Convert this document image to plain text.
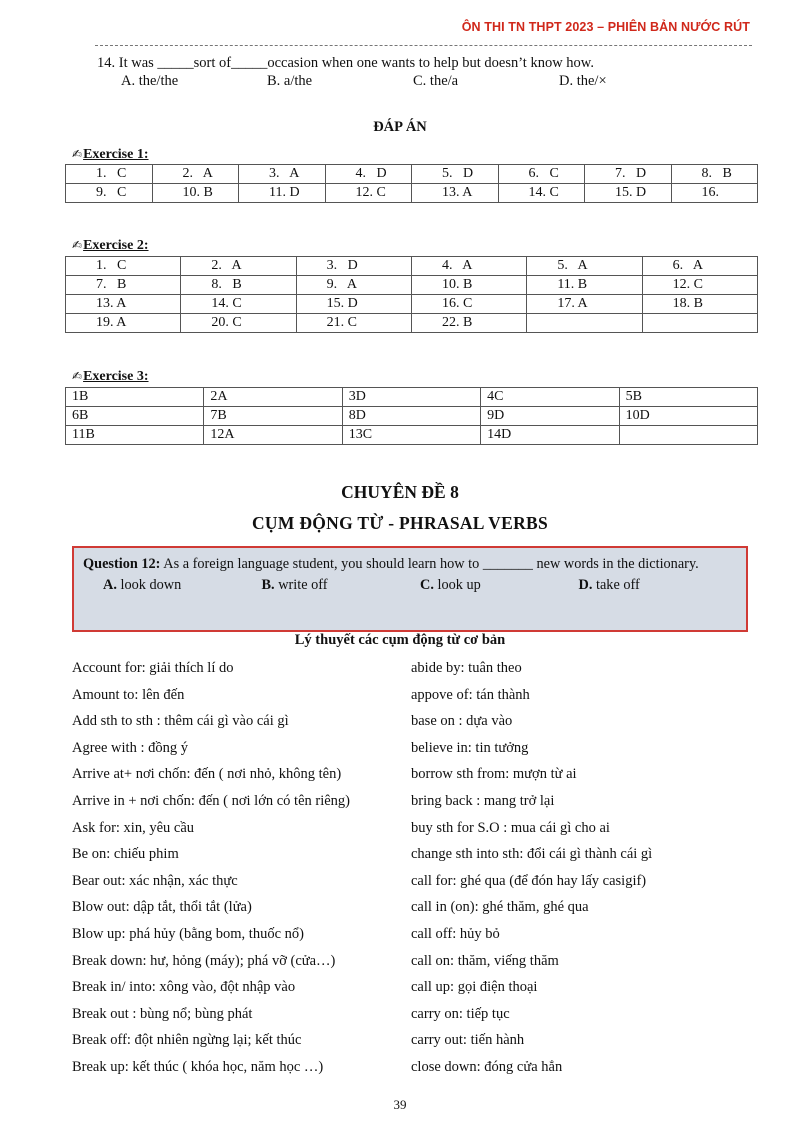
ÔN THI TN THPT 2023 – PHIÊN BẢN NƯỚC RÚT
14. It was _____sort of_____occasion when one wants to help but doesn’t know how.
A. the/the	B. a/the	C. the/a	D. the/×
ĐÁP ÁN
✍Exercise 1:
1.   C	2.   A	3.   A	4.   D	5.   D	6.   C	7.   D	8.   B
9.   C	10. B	11. D	12. C	13. A	14. C	15. D	16.
✍Exercise 2:
1.   C	2.   A	3.   D	4.   A	5.   A	6.   A
7.   B	8.   B	9.   A	10. B	11. B	12. C
13. A	14. C	15. D	16. C	17. A	18. B
19. A	20. C	21. C	22. B		
✍Exercise 3:
1B	2A	3D	4C	5B
6B	7B	8D	9D	10D
11B	12A	13C	14D	
CHUYÊN ĐỀ 8
CỤM ĐỘNG TỪ - PHRASAL VERBS
Question 12: As a foreign language student, you should learn how to _______ new words in the dictionary.
A. look down	B. write off	C. look up	D. take off
Lý thuyết các cụm động từ cơ bản
Account for: giải thích lí do
Amount to: lên đến
Add sth to sth : thêm cái gì vào cái gì
Agree with : đồng ý
Arrive at+ nơi chốn: đến ( nơi nhỏ, không tên)
Arrive in + nơi chốn: đến ( nơi lớn có tên riêng)
Ask for: xin, yêu cầu
Be on: chiếu phim
Bear out: xác nhận, xác thực
Blow out: dập tắt, thổi tắt (lửa)
Blow up: phá hủy (bằng bom, thuốc nổ)
Break down: hư, hỏng (máy); phá vỡ (cửa…)
Break in/ into: xông vào, đột nhập vào
Break out : bùng nổ; bùng phát
Break off: đột nhiên ngừng lại; kết thúc
Break up: kết thúc ( khóa học, năm học …)
abide by: tuân theo
appove of: tán thành
base on : dựa vào
believe in: tin tưởng
borrow sth from: mượn từ ai
bring back : mang trở lại
buy sth for S.O : mua cái gì cho ai
change sth into sth: đổi cái gì thành cái gì
call for: ghé qua (để đón hay lấy casigif)
call in (on): ghé thăm, ghé qua
call off: hủy bỏ
call on: thăm, viếng thăm
call up: gọi điện thoại
carry on: tiếp tục
carry out: tiến hành
close down: đóng cửa hẳn
39
